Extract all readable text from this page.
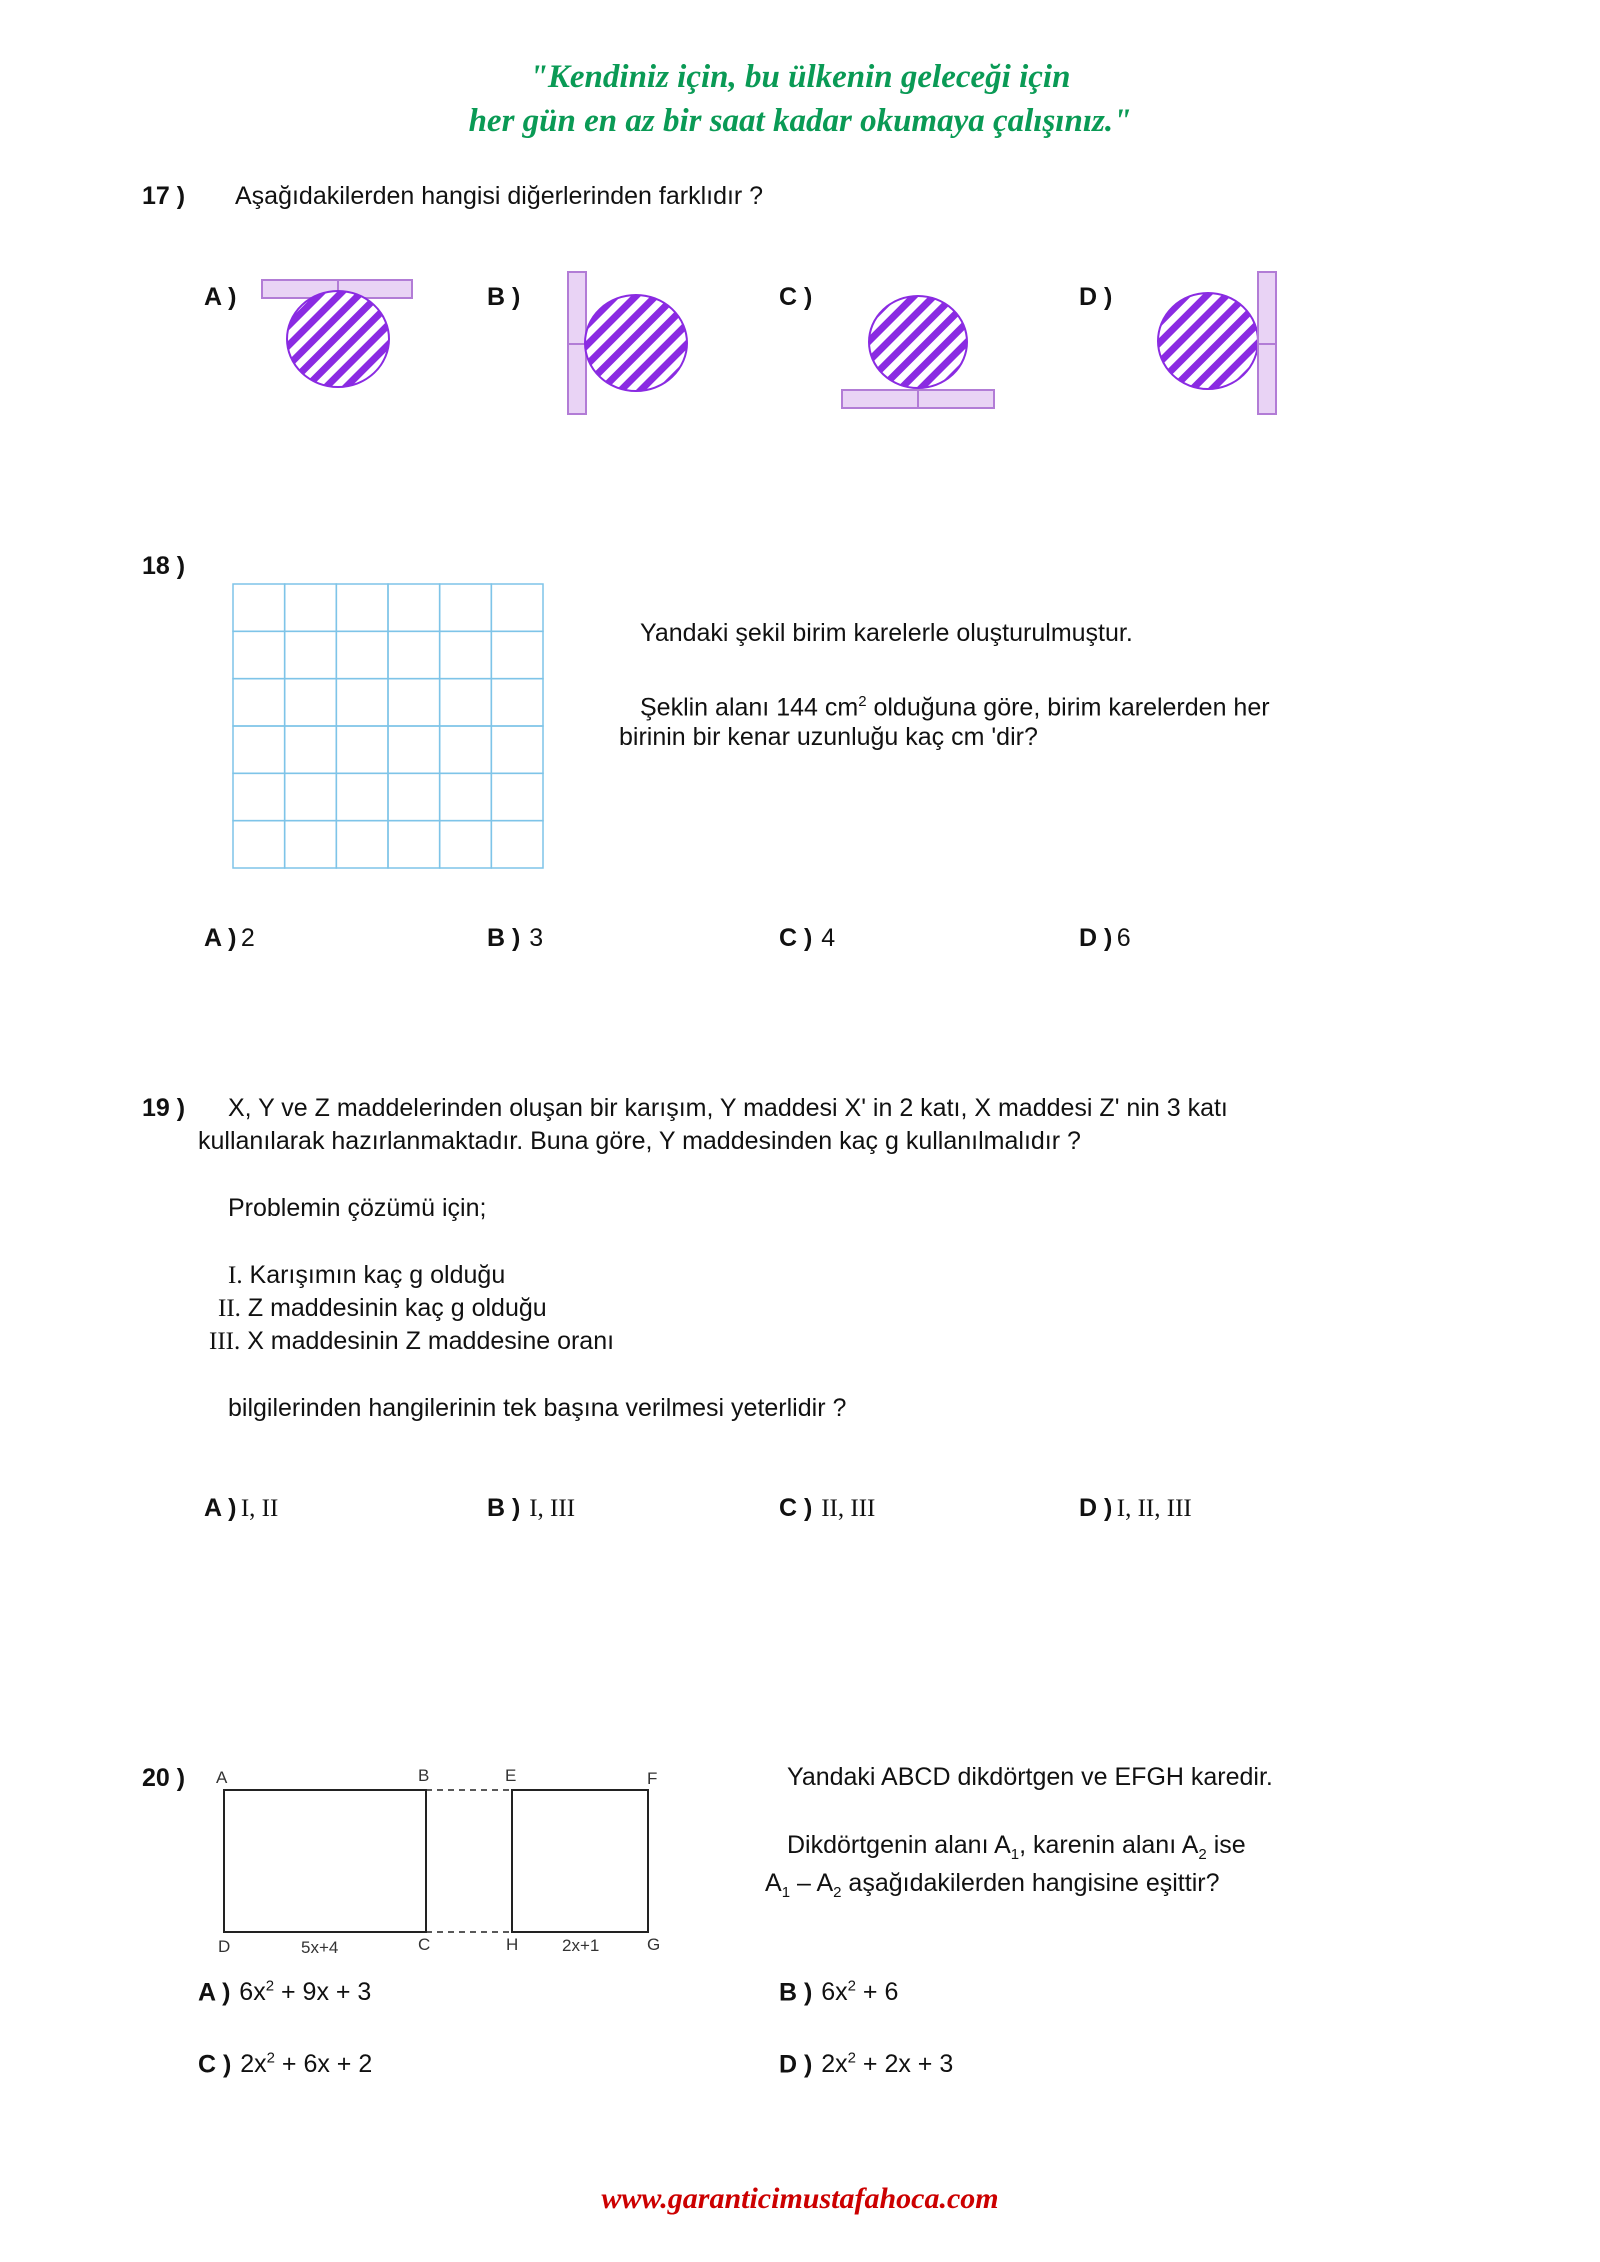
"Kendiniz için, bu ülkenin geleceği için
her gün en az bir saat kadar okumaya çalışınız."
17 ) Aşağıdakilerden hangisi diğerlerinden farklıdır ?
A )	B )	C )	D )
18 )
Yandaki şekil birim karelerle oluşturulmuştur.
Şeklin alanı 144 $cm^2$ olduğuna göre, birim karelerden her
birinin bir kenar uzunluğu kaç cm 'dir?
A ) 2	B ) 3	C ) 4	D ) 6
19 ) X, Y ve Z maddelerinden oluşan bir karışım, Y maddesi X' in 2 katı, X maddesi Z' nin 3 katı
kullanılarak hazırlanmaktadır. Buna göre, Y maddesinden kaç g kullanılmalıdır ?
Problemin çözümü için;
I. Karışımın kaç g olduğu
II. Z maddesinin kaç g olduğu
III. X maddesinin Z maddesine oranı
bilgilerinden hangilerinin tek başına verilmesi yeterlidir ?
A ) I, II	B ) I, III	C ) II, III	D ) I, II, III
20 ) A	B	E	F
D	C	H	G
5x+4	2x+1
Yandaki ABCD dikdörtgen ve EFGH karedir.
Dikdörtgenin alanı $A_1$, karenin alanı $A_2$ ise
$A_1 - A_2$ aşağıdakilerden hangisine eşittir?
A ) $6x^2 + 9x + 3$	B ) $6x^2 + 6$
C ) $2x^2 + 6x + 2$	D ) $2x^2 + 2x + 3$
www.garanticimustafahoca.com
